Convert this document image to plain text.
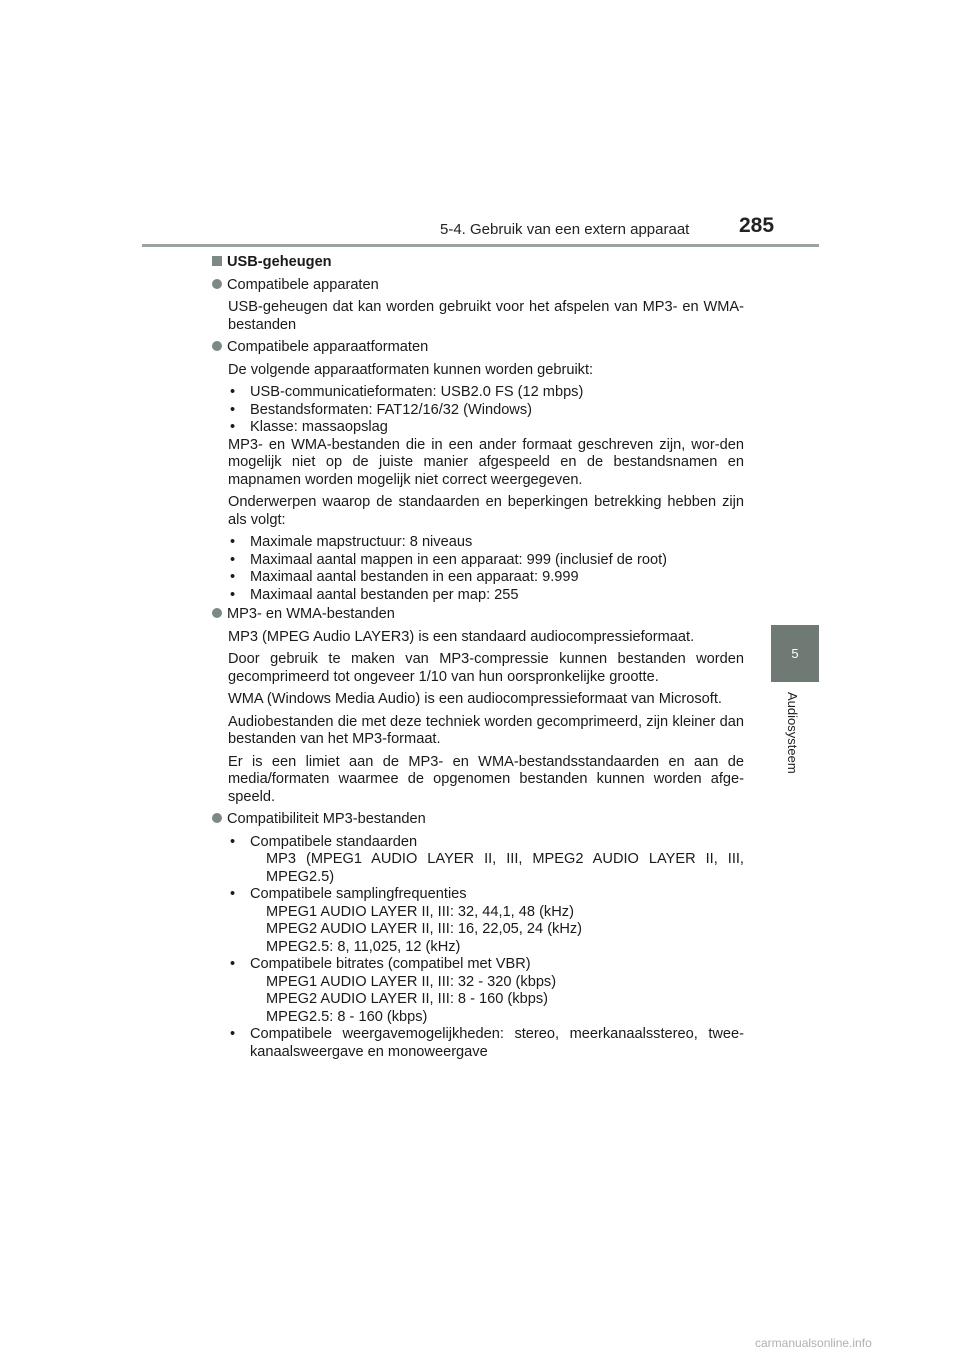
5-4. Gebruik van een extern apparaat 285
5
Audiosysteem
USB-geheugen
Compatibele apparaten
USB-geheugen dat kan worden gebruikt voor het afspelen van MP3- en WMA-bestanden
Compatibele apparaatformaten
De volgende apparaatformaten kunnen worden gebruikt:
•	USB-communicatieformaten: USB2.0 FS (12 mbps)
•	Bestandsformaten: FAT12/16/32 (Windows)
•	Klasse: massaopslag
MP3- en WMA-bestanden die in een ander formaat geschreven zijn, wor-den mogelijk niet op de juiste manier afgespeeld en de bestandsnamen en mapnamen worden mogelijk niet correct weergegeven.
Onderwerpen waarop de standaarden en beperkingen betrekking hebben zijn als volgt:
•	Maximale mapstructuur: 8 niveaus
•	Maximaal aantal mappen in een apparaat: 999 (inclusief de root)
•	Maximaal aantal bestanden in een apparaat: 9.999
•	Maximaal aantal bestanden per map: 255
MP3- en WMA-bestanden
MP3 (MPEG Audio LAYER3) is een standaard audiocompressieformaat.
Door gebruik te maken van MP3-compressie kunnen bestanden worden gecomprimeerd tot ongeveer 1/10 van hun oorspronkelijke grootte.
WMA (Windows Media Audio) is een audiocompressieformaat van Microsoft.
Audiobestanden die met deze techniek worden gecomprimeerd, zijn kleiner dan bestanden van het MP3-formaat.
Er is een limiet aan de MP3- en WMA-bestandsstandaarden en aan de media/formaten waarmee de opgenomen bestanden kunnen worden afge-speeld.
Compatibiliteit MP3-bestanden
•	Compatibele standaarden
MP3 (MPEG1 AUDIO LAYER II, III, MPEG2 AUDIO LAYER II, III, MPEG2.5)
•	Compatibele samplingfrequenties
MPEG1 AUDIO LAYER II, III: 32, 44,1, 48 (kHz)
MPEG2 AUDIO LAYER II, III: 16, 22,05, 24 (kHz)
MPEG2.5: 8, 11,025, 12 (kHz)
•	Compatibele bitrates (compatibel met VBR)
MPEG1 AUDIO LAYER II, III: 32 - 320 (kbps)
MPEG2 AUDIO LAYER II, III: 8 - 160 (kbps)
MPEG2.5: 8 - 160 (kbps)
•	Compatibele weergavemogelijkheden: stereo, meerkanaalsstereo, twee-kanaalsweergave en monoweergave
carmanualsonline.info
